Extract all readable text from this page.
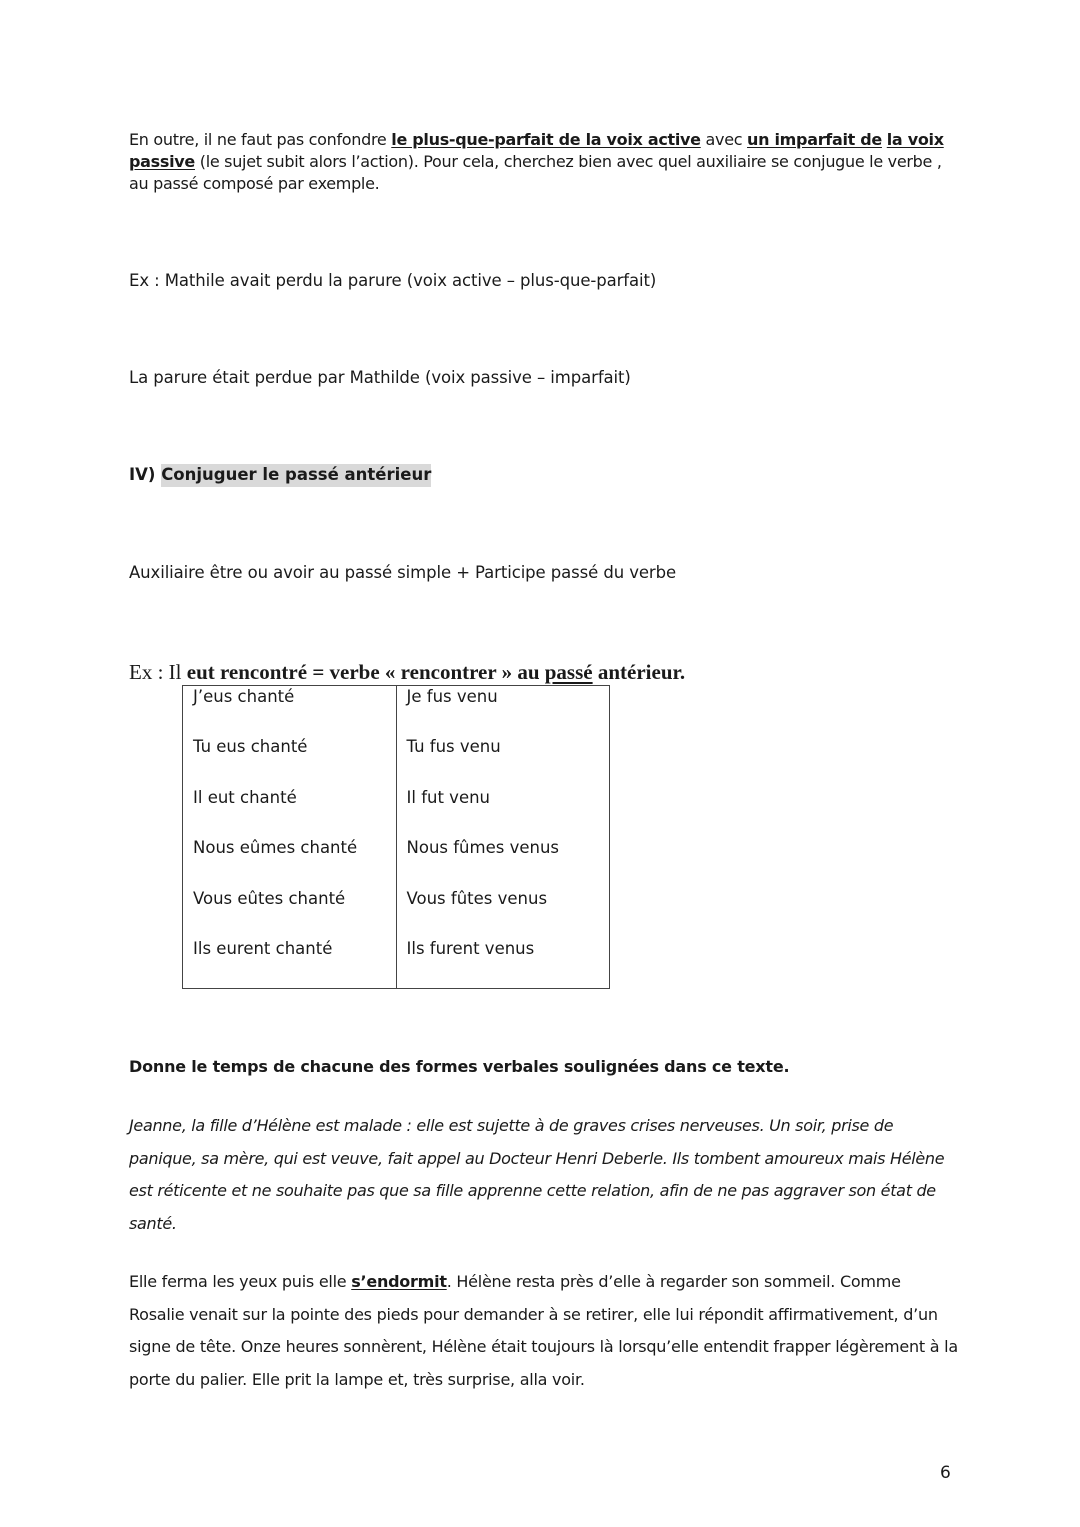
En outre, il ne faut pas confondre le plus-que-parfait de la voix active avec un imparfait de la voix passive (le sujet subit alors l’action). Pour cela, cherchez bien avec quel auxiliaire se conjugue le verbe , au passé composé par exemple.
Ex : Mathile avait perdu la parure (voix active – plus-que-parfait)
La parure était perdue par Mathilde (voix passive – imparfait)
IV) Conjuguer le passé antérieur
Auxiliaire être ou avoir au passé simple + Participe passé du verbe
Ex : Il eut rencontré = verbe « rencontrer » au passé antérieur.
J’eus chanté	Je fus venu
Tu eus chanté	Tu fus venu
Il eut chanté	Il fut venu
Nous eûmes chanté	Nous fûmes venus
Vous eûtes chanté	Vous fûtes venus
Ils eurent chanté	Ils furent venus
Donne le temps de chacune des formes verbales soulignées dans ce texte.
Jeanne, la fille d’Hélène est malade : elle est sujette à de graves crises nerveuses. Un soir, prise de panique, sa mère, qui est veuve, fait appel au Docteur Henri Deberle. Ils tombent amoureux mais Hélène est réticente et ne souhaite pas que sa fille apprenne cette relation, afin de ne pas aggraver son état de santé.
Elle ferma les yeux puis elle s’endormit. Hélène resta près d’elle à regarder son sommeil. Comme Rosalie venait sur la pointe des pieds pour demander à se retirer, elle lui répondit affirmativement, d’un signe de tête. Onze heures sonnèrent, Hélène était toujours là lorsqu’elle entendit frapper légèrement à la porte du palier. Elle prit la lampe et, très surprise, alla voir.
6
